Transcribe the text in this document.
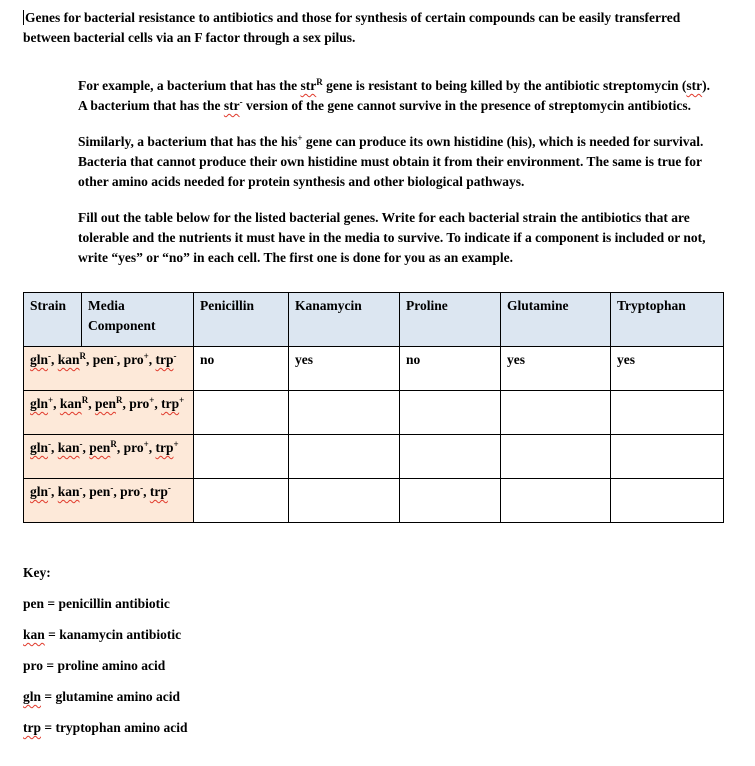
Genes for bacterial resistance to antibiotics and those for synthesis of certain compounds can be easily transferred between bacterial cells via an F factor through a sex pilus.

For example, a bacterium that has the str$^R$ gene is resistant to being killed by the antibiotic streptomycin (str). A bacterium that has the str- version of the gene cannot survive in the presence of streptomycin antibiotics.

Similarly, a bacterium that has the his+ gene can produce its own histidine (his), which is needed for survival. Bacteria that cannot produce their own histidine must obtain it from their environment. The same is true for other amino acids needed for protein synthesis and other biological pathways.

Fill out the table below for the listed bacterial genes. Write for each bacterial strain the antibiotics that are tolerable and the nutrients it must have in the media to survive. To indicate if a component is included or not, write “yes” or “no” in each cell. The first one is done for you as an example.

Strain	Media Component	Penicillin	Kanamycin	Proline	Glutamine	Tryptophan
gln-, kan$^R$, pen-, pro+, trp-		no	yes	no	yes	yes
gln+, kan$^R$, pen$^R$, pro+, trp+					
gln-, kan-, pen$^R$, pro+, trp+					
gln-, kan-, pen-, pro-, trp-					

Key:

pen = penicillin antibiotic

kan = kanamycin antibiotic

pro = proline amino acid

gln = glutamine amino acid

trp = tryptophan amino acid
